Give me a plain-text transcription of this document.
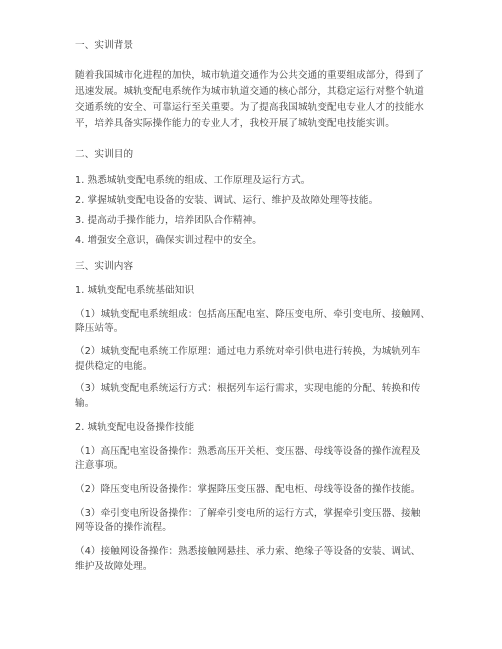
一、实训背景
随着我国城市化进程的加快，城市轨道交通作为公共交通的重要组成部分，得到了
迅速发展。城轨变配电系统作为城市轨道交通的核心部分，其稳定运行对整个轨道
交通系统的安全、可靠运行至关重要。为了提高我国城轨变配电专业人才的技能水
平，培养具备实际操作能力的专业人才，我校开展了城轨变配电技能实训。
二、实训目的
1. 熟悉城轨变配电系统的组成、工作原理及运行方式。
2. 掌握城轨变配电设备的安装、调试、运行、维护及故障处理等技能。
3. 提高动手操作能力，培养团队合作精神。
4. 增强安全意识，确保实训过程中的安全。
三、实训内容
1. 城轨变配电系统基础知识
（1）城轨变配电系统组成：包括高压配电室、降压变电所、牵引变电所、接触网、
降压站等。
（2）城轨变配电系统工作原理：通过电力系统对牵引供电进行转换，为城轨列车
提供稳定的电能。
（3）城轨变配电系统运行方式：根据列车运行需求，实现电能的分配、转换和传
输。
2. 城轨变配电设备操作技能
（1）高压配电室设备操作：熟悉高压开关柜、变压器、母线等设备的操作流程及
注意事项。
（2）降压变电所设备操作：掌握降压变压器、配电柜、母线等设备的操作技能。
（3）牵引变电所设备操作：了解牵引变电所的运行方式，掌握牵引变压器、接触
网等设备的操作流程。
（4）接触网设备操作：熟悉接触网悬挂、承力索、绝缘子等设备的安装、调试、
维护及故障处理。
